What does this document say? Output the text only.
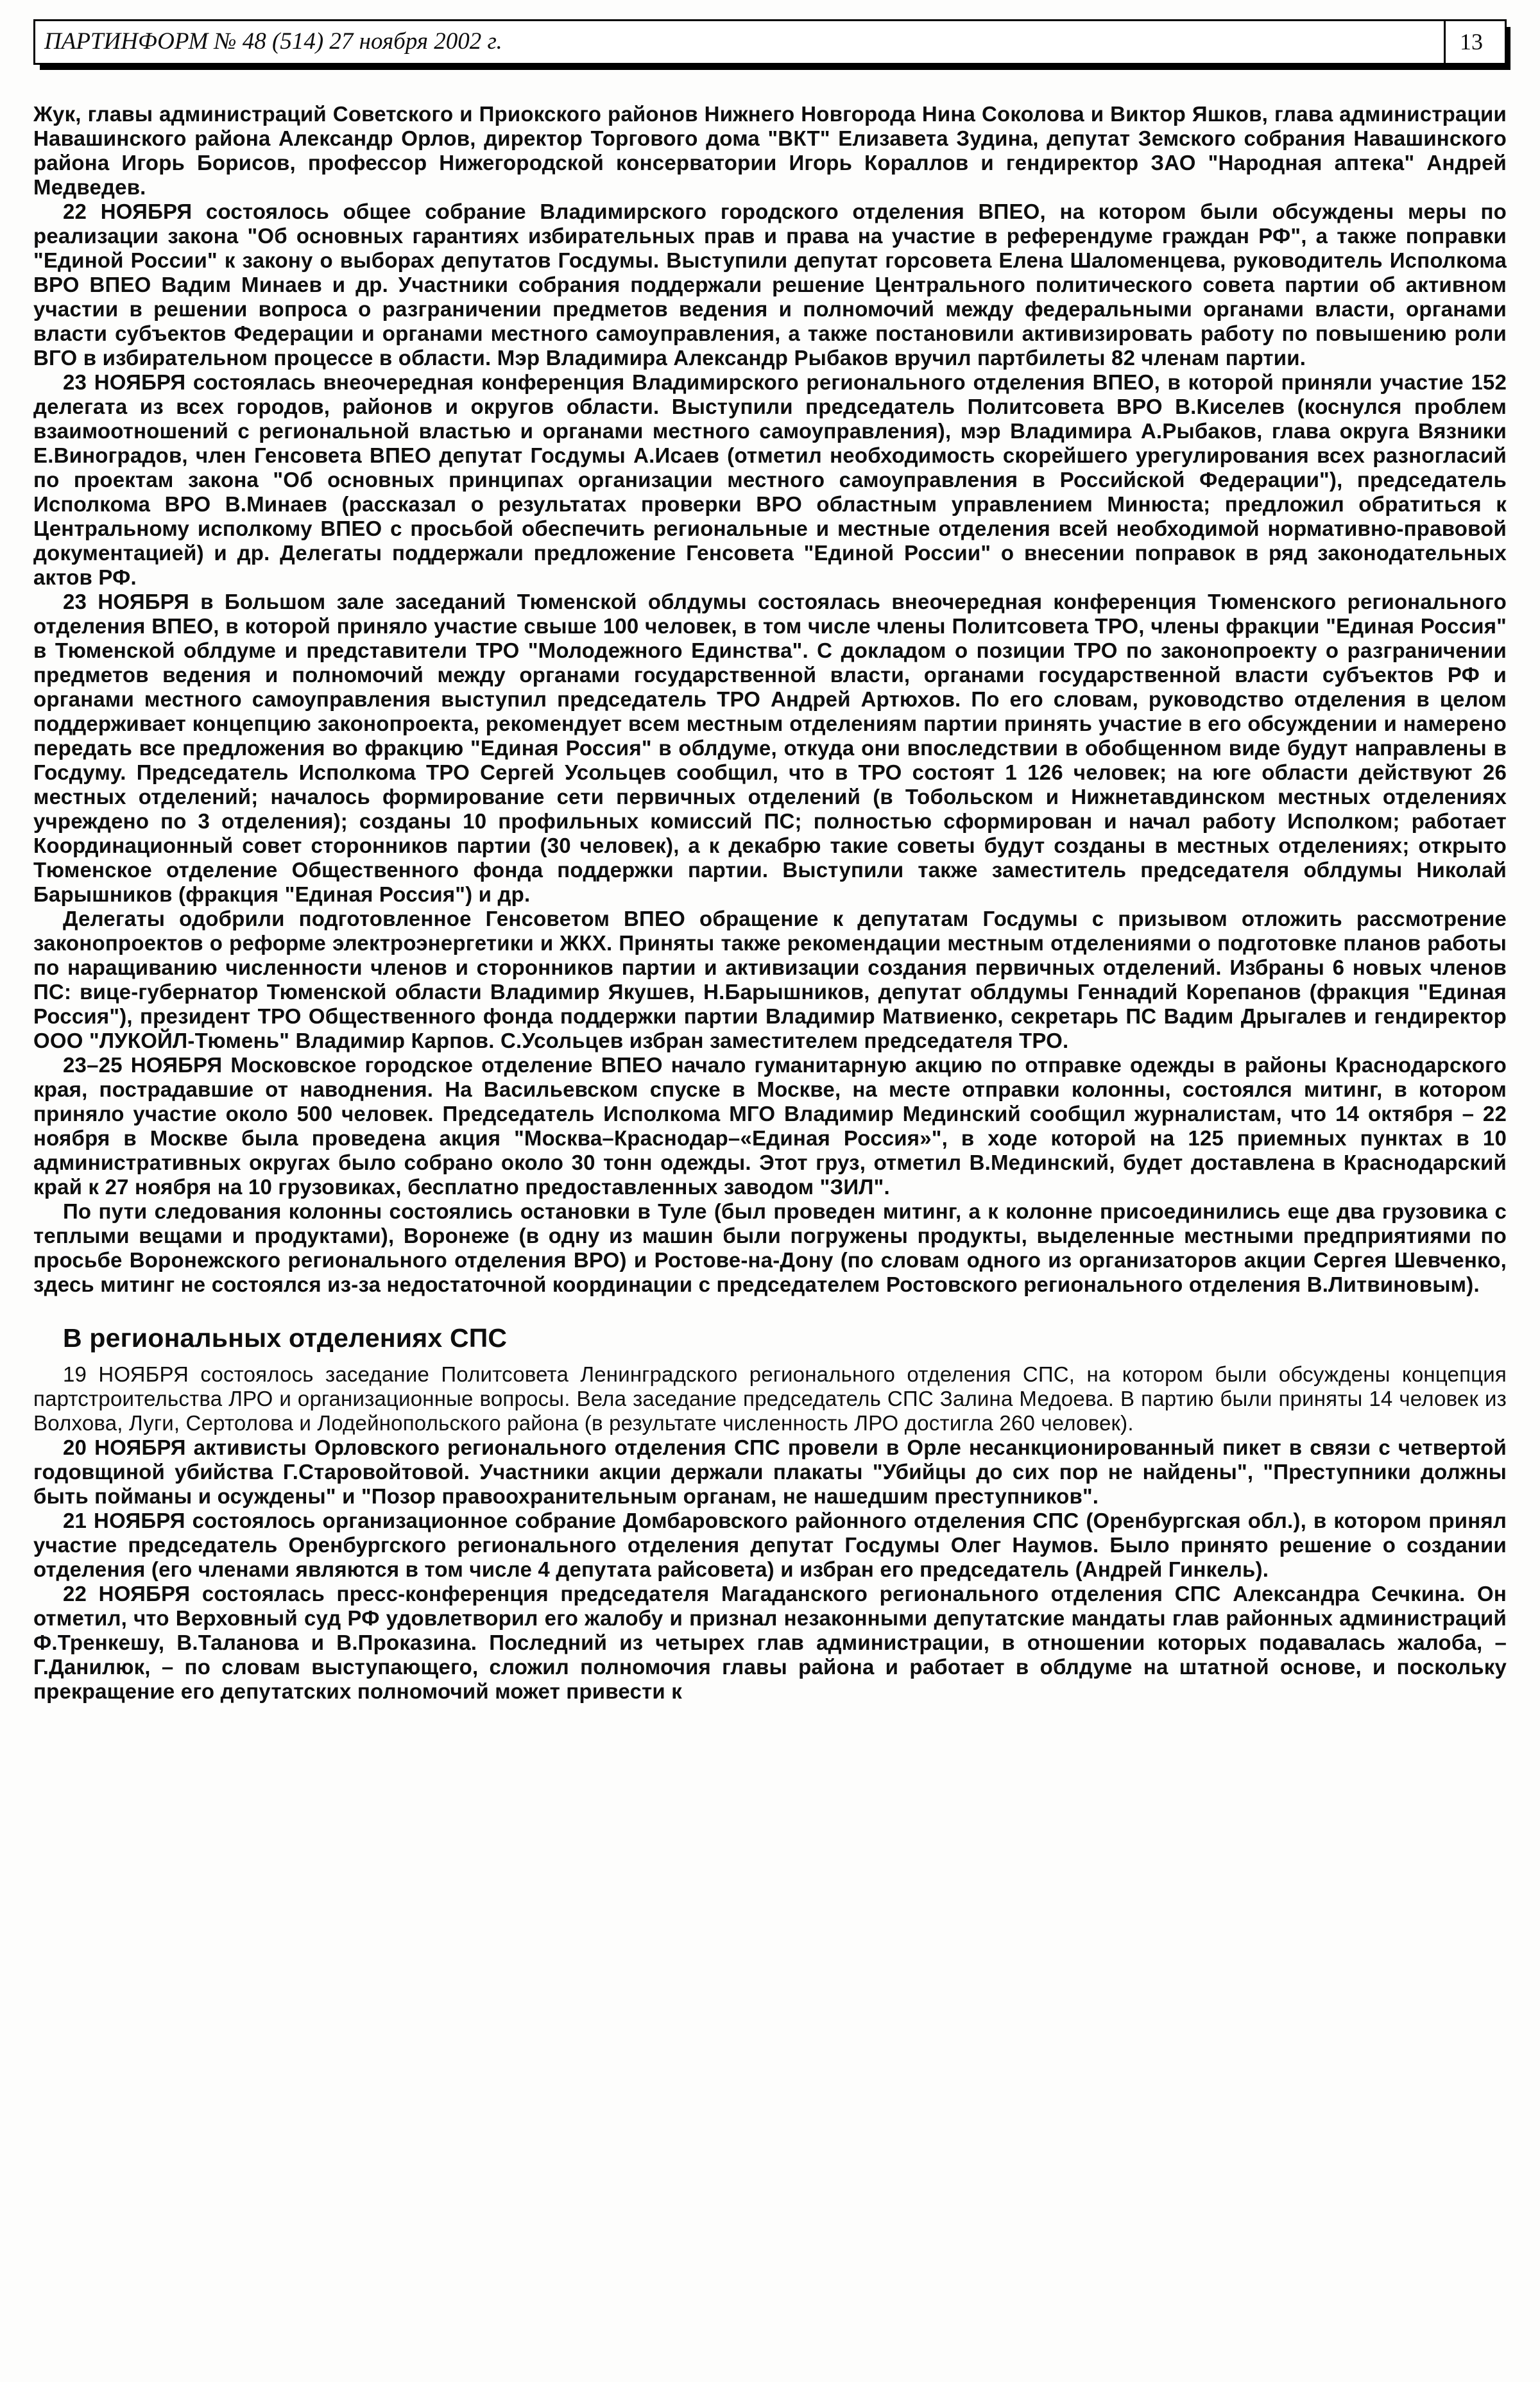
ПАРТИНФОРМ № 48 (514) 27 ноября 2002 г.	13

Жук, главы администраций Советского и Приокского районов Нижнего Новгорода Нина Соколова и Виктор Яшков, глава администрации Навашинского района Александр Орлов, директор Торгового дома "ВКТ" Елизавета Зудина, депутат Земского собрания Навашинского района Игорь Борисов, профессор Нижегородской консерватории Игорь Кораллов и гендиректор ЗАО "Народная аптека" Андрей Медведев.

22 НОЯБРЯ состоялось общее собрание Владимирского городского отделения ВПЕО, на котором были обсуждены меры по реализации закона "Об основных гарантиях избирательных прав и права на участие в референдуме граждан РФ", а также поправки "Единой России" к закону о выборах депутатов Госдумы. Выступили депутат горсовета Елена Шаломенцева, руководитель Исполкома ВРО ВПЕО Вадим Минаев и др. Участники собрания поддержали решение Центрального политического совета партии об активном участии в решении вопроса о разграничении предметов ведения и полномочий между федеральными органами власти, органами власти субъектов Федерации и органами местного самоуправления, а также постановили активизировать работу по повышению роли ВГО в избирательном процессе в области. Мэр Владимира Александр Рыбаков вручил партбилеты 82 членам партии.

23 НОЯБРЯ состоялась внеочередная конференция Владимирского регионального отделения ВПЕО, в которой приняли участие 152 делегата из всех городов, районов и округов области. Выступили председатель Политсовета ВРО В.Киселев (коснулся проблем взаимоотношений с региональной властью и органами местного самоуправления), мэр Владимира А.Рыбаков, глава округа Вязники Е.Виноградов, член Генсовета ВПЕО депутат Госдумы А.Исаев (отметил необходимость скорейшего урегулирования всех разногласий по проектам закона "Об основных принципах организации местного самоуправления в Российской Федерации"), председатель Исполкома ВРО В.Минаев (рассказал о результатах проверки ВРО областным управлением Минюста; предложил обратиться к Центральному исполкому ВПЕО с просьбой обеспечить региональные и местные отделения всей необходимой нормативно-правовой документацией) и др. Делегаты поддержали предложение Генсовета "Единой России" о внесении поправок в ряд законодательных актов РФ.

23 НОЯБРЯ в Большом зале заседаний Тюменской облдумы состоялась внеочередная конференция Тюменского регионального отделения ВПЕО, в которой приняло участие свыше 100 человек, в том числе члены Политсовета ТРО, члены фракции "Единая Россия" в Тюменской облдуме и представители ТРО "Молодежного Единства". С докладом о позиции ТРО по законопроекту о разграничении предметов ведения и полномочий между органами государственной власти, органами государственной власти субъектов РФ и органами местного самоуправления выступил председатель ТРО Андрей Артюхов. По его словам, руководство отделения в целом поддерживает концепцию законопроекта, рекомендует всем местным отделениям партии принять участие в его обсуждении и намерено передать все предложения во фракцию "Единая Россия" в облдуме, откуда они впоследствии в обобщенном виде будут направлены в Госдуму. Председатель Исполкома ТРО Сергей Усольцев сообщил, что в ТРО состоят 1 126 человек; на юге области действуют 26 местных отделений; началось формирование сети первичных отделений (в Тобольском и Нижнетавдинском местных отделениях учреждено по 3 отделения); созданы 10 профильных комиссий ПС; полностью сформирован и начал работу Исполком; работает Координационный совет сторонников партии (30 человек), а к декабрю такие советы будут созданы в местных отделениях; открыто Тюменское отделение Общественного фонда поддержки партии. Выступили также заместитель председателя облдумы Николай Барышников (фракция "Единая Россия") и др.

Делегаты одобрили подготовленное Генсоветом ВПЕО обращение к депутатам Госдумы с призывом отложить рассмотрение законопроектов о реформе электроэнергетики и ЖКХ. Приняты также рекомендации местным отделениями о подготовке планов работы по наращиванию численности членов и сторонников партии и активизации создания первичных отделений. Избраны 6 новых членов ПС: вице-губернатор Тюменской области Владимир Якушев, Н.Барышников, депутат облдумы Геннадий Корепанов (фракция "Единая Россия"), президент ТРО Общественного фонда поддержки партии Владимир Матвиенко, секретарь ПС Вадим Дрыгалев и гендиректор ООО "ЛУКОЙЛ-Тюмень" Владимир Карпов. С.Усольцев избран заместителем председателя ТРО.

23–25 НОЯБРЯ Московское городское отделение ВПЕО начало гуманитарную акцию по отправке одежды в районы Краснодарского края, пострадавшие от наводнения. На Васильевском спуске в Москве, на месте отправки колонны, состоялся митинг, в котором приняло участие около 500 человек. Председатель Исполкома МГО Владимир Мединский сообщил журналистам, что 14 октября – 22 ноября в Москве была проведена акция "Москва–Краснодар–«Единая Россия»", в ходе которой на 125 приемных пунктах в 10 административных округах было собрано около 30 тонн одежды. Этот груз, отметил В.Мединский, будет доставлена в Краснодарский край к 27 ноября на 10 грузовиках, бесплатно предоставленных заводом "ЗИЛ".

По пути следования колонны состоялись остановки в Туле (был проведен митинг, а к колонне присоединились еще два грузовика с теплыми вещами и продуктами), Воронеже (в одну из машин были погружены продукты, выделенные местными предприятиями по просьбе Воронежского регионального отделения ВРО) и Ростове-на-Дону (по словам одного из организаторов акции Сергея Шевченко, здесь митинг не состоялся из-за недостаточной координации с председателем Ростовского регионального отделения В.Литвиновым).

В региональных отделениях СПС

19 НОЯБРЯ состоялось заседание Политсовета Ленинградского регионального отделения СПС, на котором были обсуждены концепция партстроительства ЛРО и организационные вопросы. Вела заседание председатель СПС Залина Медоева. В партию были приняты 14 человек из Волхова, Луги, Сертолова и Лодейнопольского района (в результате численность ЛРО достигла 260 человек).

20 НОЯБРЯ активисты Орловского регионального отделения СПС провели в Орле несанкционированный пикет в связи с четвертой годовщиной убийства Г.Старовойтовой. Участники акции держали плакаты "Убийцы до сих пор не найдены", "Преступники должны быть пойманы и осуждены" и "Позор правоохранительным органам, не нашедшим преступников".

21 НОЯБРЯ состоялось организационное собрание Домбаровского районного отделения СПС (Оренбургская обл.), в котором принял участие председатель Оренбургского регионального отделения депутат Госдумы Олег Наумов. Было принято решение о создании отделения (его членами являются в том числе 4 депутата райсовета) и избран его председатель (Андрей Гинкель).

22 НОЯБРЯ состоялась пресс-конференция председателя Магаданского регионального отделения СПС Александра Сечкина. Он отметил, что Верховный суд РФ удовлетворил его жалобу и признал незаконными депутатские мандаты глав районных администраций Ф.Тренкешу, В.Таланова и В.Проказина. Последний из четырех глав администрации, в отношении которых подавалась жалоба, – Г.Данилюк, – по словам выступающего, сложил полномочия главы района и работает в облдуме на штатной основе, и поскольку прекращение его депутатских полномочий может привести к
